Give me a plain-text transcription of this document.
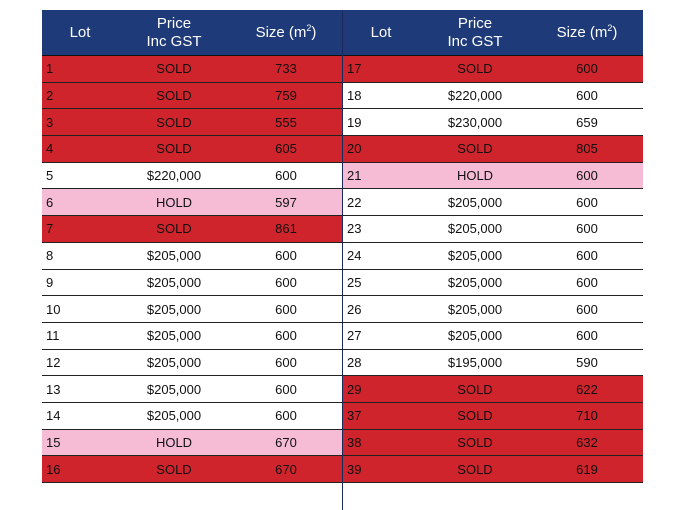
Lot
Price
Inc GST
Size $(m^2)$
1	SOLD	733
2	SOLD	759
3	SOLD	555
4	SOLD	605
5	$220,000	600
6	HOLD	597
7	SOLD	861
8	$205,000	600
9	$205,000	600
10	$205,000	600
11	$205,000	600
12	$205,000	600
13	$205,000	600
14	$205,000	600
15	HOLD	670
16	SOLD	670
Lot
Price
Inc GST
Size $(m^2)$
17	SOLD	600
18	$220,000	600
19	$230,000	659
20	SOLD	805
21	HOLD	600
22	$205,000	600
23	$205,000	600
24	$205,000	600
25	$205,000	600
26	$205,000	600
27	$205,000	600
28	$195,000	590
29	SOLD	622
37	SOLD	710
38	SOLD	632
39	SOLD	619
